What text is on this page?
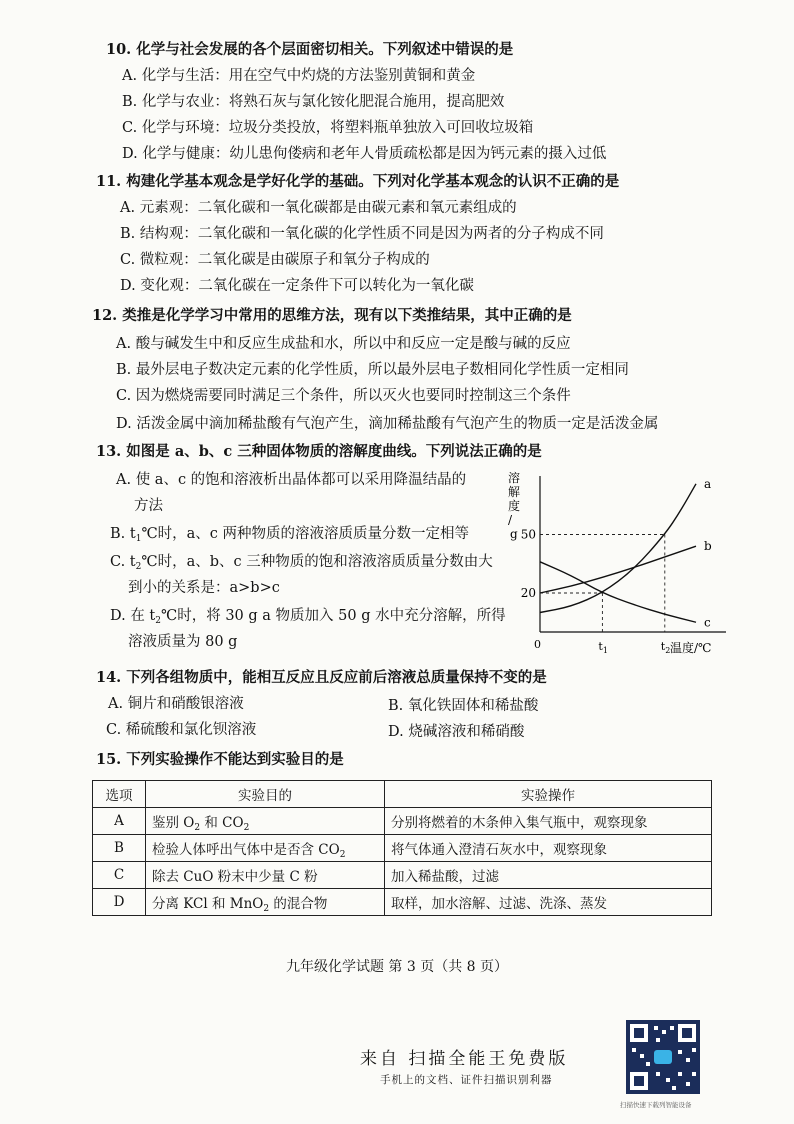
10. 化学与社会发展的各个层面密切相关。下列叙述中错误的是
A. 化学与生活：用在空气中灼烧的方法鉴别黄铜和黄金
B. 化学与农业：将熟石灰与氯化铵化肥混合施用，提高肥效
C. 化学与环境：垃圾分类投放，将塑料瓶单独放入可回收垃圾箱
D. 化学与健康：幼儿患佝偻病和老年人骨质疏松都是因为钙元素的摄入过低
11. 构建化学基本观念是学好化学的基础。下列对化学基本观念的认识不正确的是
A. 元素观：二氧化碳和一氧化碳都是由碳元素和氧元素组成的
B. 结构观：二氧化碳和一氧化碳的化学性质不同是因为两者的分子构成不同
C. 微粒观：二氧化碳是由碳原子和氧分子构成的
D. 变化观：二氧化碳在一定条件下可以转化为一氧化碳
12. 类推是化学学习中常用的思维方法，现有以下类推结果，其中正确的是
A. 酸与碱发生中和反应生成盐和水，所以中和反应一定是酸与碱的反应
B. 最外层电子数决定元素的化学性质，所以最外层电子数相同化学性质一定相同
C. 因为燃烧需要同时满足三个条件，所以灭火也要同时控制这三个条件
D. 活泼金属中滴加稀盐酸有气泡产生，滴加稀盐酸有气泡产生的物质一定是活泼金属
13. 如图是 a、b、c 三种固体物质的溶解度曲线。下列说法正确的是
A. 使 a、c 的饱和溶液析出晶体都可以采用降温结晶的
方法
B. $t_1℃$时，a、c 两种物质的溶液溶质质量分数一定相等
C. $t_2℃$时，a、b、c 三种物质的饱和溶液溶质质量分数由大
到小的关系是：a>b>c
D. 在 $t_2℃$时，将 30 g a 物质加入 50 g 水中充分溶解，所得
溶液质量为 80 g
溶解度/ g
20
50
$t_1$	$t_2$
a
b
c
0	温度/℃
14. 下列各组物质中，能相互反应且反应前后溶液总质量保持不变的是
A. 铜片和硝酸银溶液	B. 氧化铁固体和稀盐酸
C. 稀硫酸和氯化钡溶液	D. 烧碱溶液和稀硝酸
15. 下列实验操作不能达到实验目的是
选项	实验目的	实验操作
A	鉴别 $O_2$ 和 $CO_2$	分别将燃着的木条伸入集气瓶中，观察现象
B	检验人体呼出气体中是否含 $CO_2$	将气体通入澄清石灰水中，观察现象
C	除去 CuO 粉末中少量 C 粉	加入稀盐酸，过滤
D	分离 KCl 和 MnO$_2$ 的混合物	取样，加水溶解、过滤、洗涤、蒸发
九年级化学试题 第 3 页（共 8 页）
来自 扫描全能王免费版
手机上的文档、证件扫描识别利器
扫描快速下载列智能设备
